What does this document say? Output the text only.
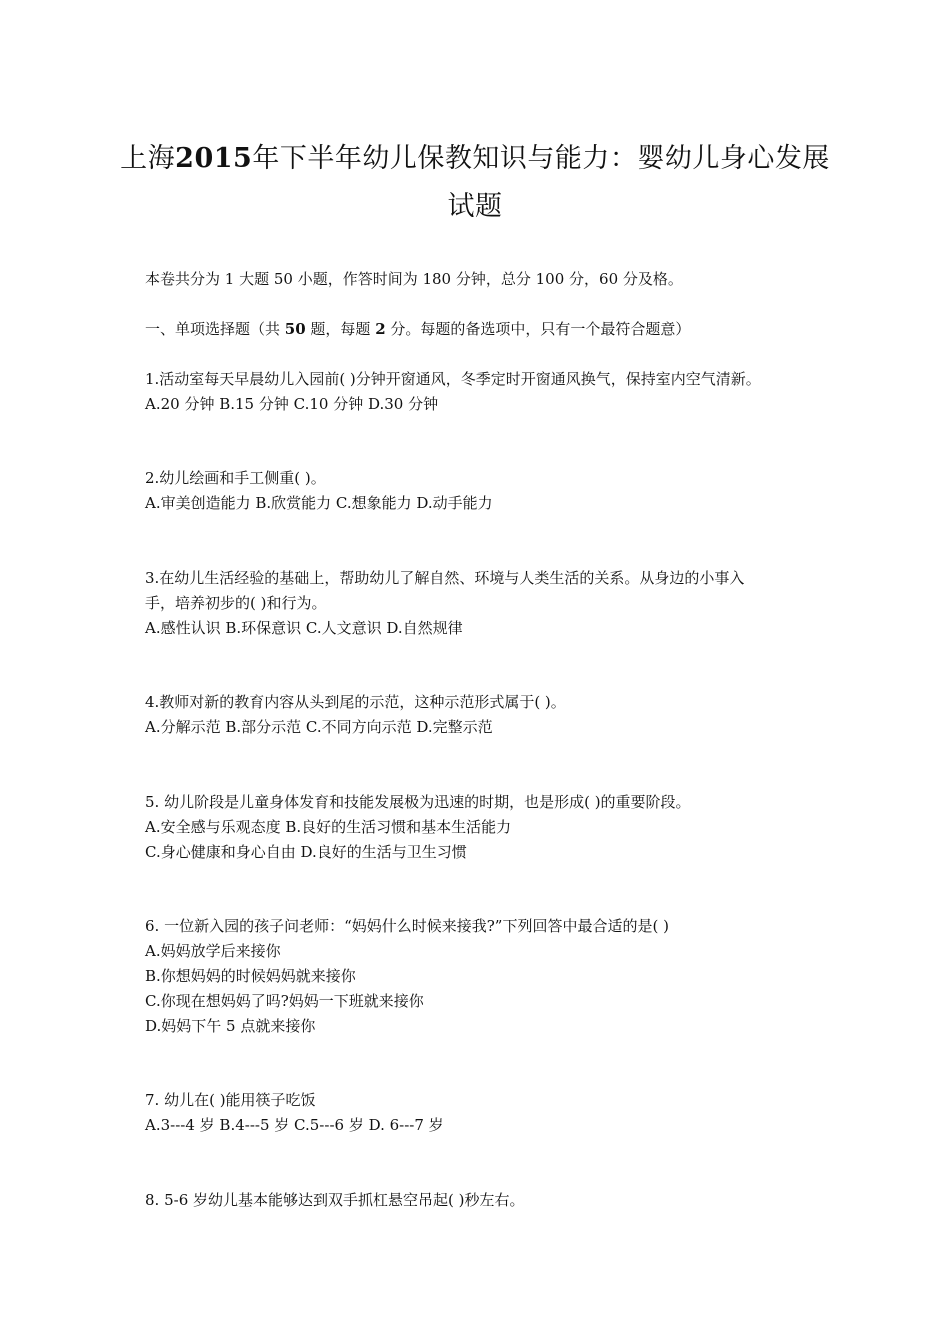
上海2015年下半年幼儿保教知识与能力：婴幼儿身心发展
试题
本卷共分为 1 大题 50 小题，作答时间为 180 分钟，总分 100 分，60 分及格。
一、单项选择题（共 50 题，每题 2 分。每题的备选项中，只有一个最符合题意）
1.活动室每天早晨幼儿入园前( )分钟开窗通风，冬季定时开窗通风换气，保持室内空气清新。
A.20 分钟 B.15 分钟 C.10 分钟 D.30 分钟
2.幼儿绘画和手工侧重( )。
A.审美创造能力 B.欣赏能力 C.想象能力 D.动手能力
3.在幼儿生活经验的基础上，帮助幼儿了解自然、环境与人类生活的关系。从身边的小事入
手，培养初步的( )和行为。
A.感性认识 B.环保意识 C.人文意识 D.自然规律
4.教师对新的教育内容从头到尾的示范，这种示范形式属于( )。
A.分解示范 B.部分示范 C.不同方向示范 D.完整示范
5. 幼儿阶段是儿童身体发育和技能发展极为迅速的时期，也是形成( )的重要阶段。
A.安全感与乐观态度 B.良好的生活习惯和基本生活能力
C.身心健康和身心自由 D.良好的生活与卫生习惯
6. 一位新入园的孩子问老师：“妈妈什么时候来接我?”下列回答中最合适的是( )
A.妈妈放学后来接你
B.你想妈妈的时候妈妈就来接你
C.你现在想妈妈了吗?妈妈一下班就来接你
D.妈妈下午 5 点就来接你
7. 幼儿在( )能用筷子吃饭
A.3---4 岁 B.4---5 岁 C.5---6 岁 D. 6---7 岁
8. 5-6 岁幼儿基本能够达到双手抓杠悬空吊起( )秒左右。
